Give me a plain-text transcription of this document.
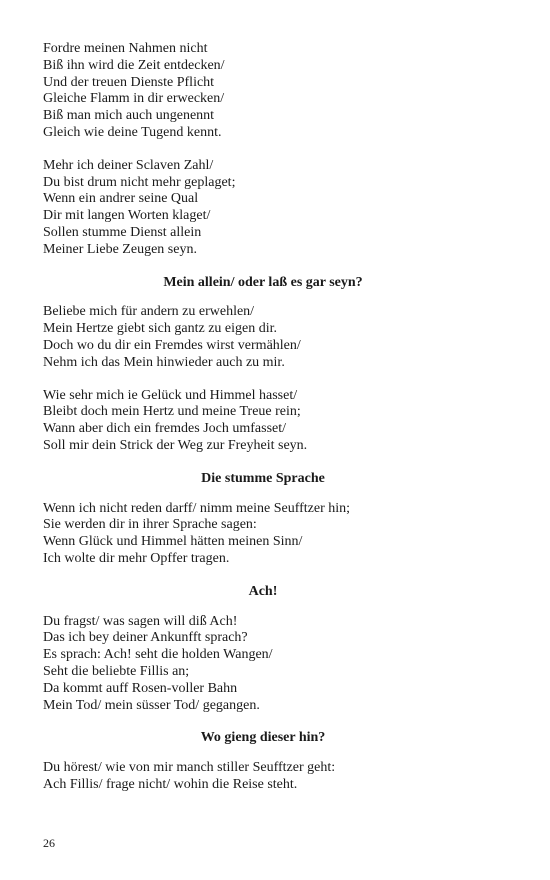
Fordre meinen Nahmen nicht
Biß ihn wird die Zeit entdecken/
Und der treuen Dienste Pflicht
Gleiche Flamm in dir erwecken/
Biß man mich auch ungenennt
Gleich wie deine Tugend kennt.
Mehr ich deiner Sclaven Zahl/
Du bist drum nicht mehr geplaget;
Wenn ein andrer seine Qual
Dir mit langen Worten klaget/
Sollen stumme Dienst allein
Meiner Liebe Zeugen seyn.
Mein allein/ oder laß es gar seyn?
Beliebe mich für andern zu erwehlen/
Mein Hertze giebt sich gantz zu eigen dir.
Doch wo du dir ein Fremdes wirst vermählen/
Nehm ich das Mein hinwieder auch zu mir.
Wie sehr mich ie Gelück und Himmel hasset/
Bleibt doch mein Hertz und meine Treue rein;
Wann aber dich ein fremdes Joch umfasset/
Soll mir dein Strick der Weg zur Freyheit seyn.
Die stumme Sprache
Wenn ich nicht reden darff/ nimm meine Seufftzer hin;
Sie werden dir in ihrer Sprache sagen:
Wenn Glück und Himmel hätten meinen Sinn/
Ich wolte dir mehr Opffer tragen.
Ach!
Du fragst/ was sagen will diß Ach!
Das ich bey deiner Ankunfft sprach?
Es sprach: Ach! seht die holden Wangen/
Seht die beliebte Fillis an;
Da kommt auff Rosen-voller Bahn
Mein Tod/ mein süsser Tod/ gegangen.
Wo gieng dieser hin?
Du hörest/ wie von mir manch stiller Seufftzer geht:
Ach Fillis/ frage nicht/ wohin die Reise steht.
26
